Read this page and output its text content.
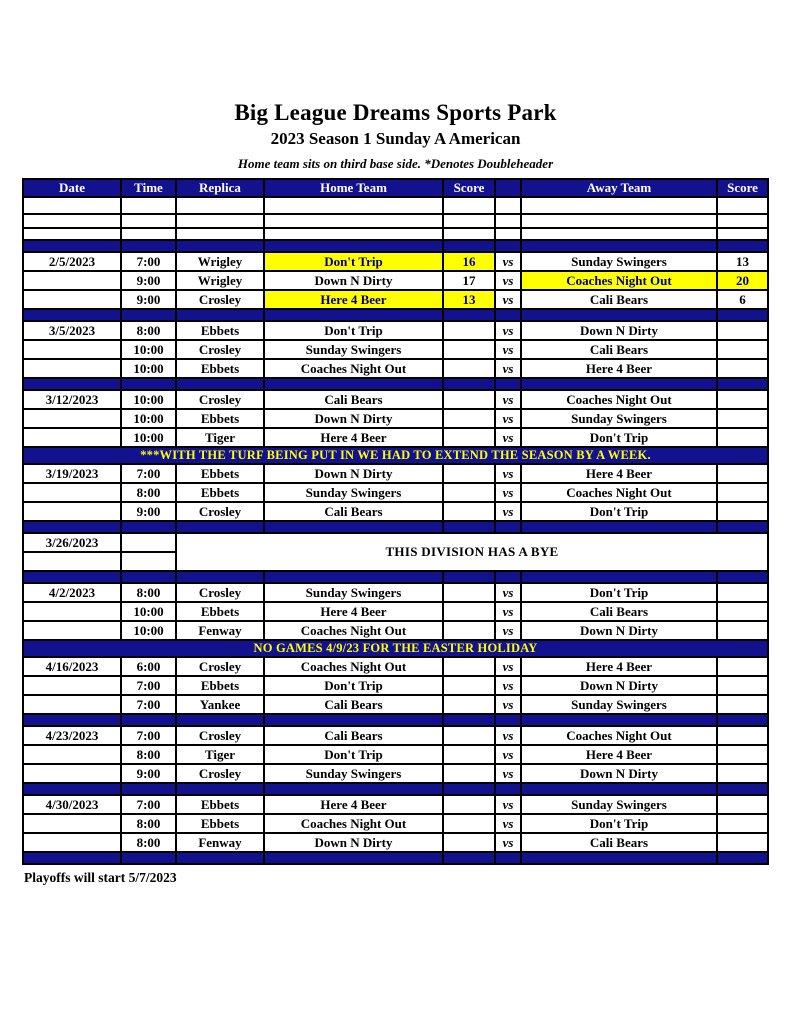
Big League Dreams Sports Park
2023 Season 1 Sunday A American
Home team sits on third base side. *Denotes Doubleheader
Date	Time	Replica	Home Team	Score		Away Team	Score

2/5/2023	7:00	Wrigley	Don't Trip	16	vs	Sunday Swingers	13
	9:00	Wrigley	Down N Dirty	17	vs	Coaches Night Out	20
	9:00	Crosley	Here 4 Beer	13	vs	Cali Bears	6

3/5/2023	8:00	Ebbets	Don't Trip		vs	Down N Dirty	
	10:00	Crosley	Sunday Swingers		vs	Cali Bears	
	10:00	Ebbets	Coaches Night Out		vs	Here 4 Beer	

3/12/2023	10:00	Crosley	Cali Bears		vs	Coaches Night Out	
	10:00	Ebbets	Down N Dirty		vs	Sunday Swingers	
	10:00	Tiger	Here 4 Beer		vs	Don't Trip	
***WITH THE TURF BEING PUT IN WE HAD TO EXTEND THE SEASON BY A WEEK.							
3/19/2023	7:00	Ebbets	Down N Dirty		vs	Here 4 Beer	
	8:00	Ebbets	Sunday Swingers		vs	Coaches Night Out	
	9:00	Crosley	Cali Bears		vs	Don't Trip	

3/26/2023		THIS DIVISION HAS A BYE					

4/2/2023	8:00	Crosley	Sunday Swingers		vs	Don't Trip	
	10:00	Ebbets	Here 4 Beer		vs	Cali Bears	
	10:00	Fenway	Coaches Night Out		vs	Down N Dirty	
NO GAMES 4/9/23 FOR THE EASTER HOLIDAY							
4/16/2023	6:00	Crosley	Coaches Night Out		vs	Here 4 Beer	
	7:00	Ebbets	Don't Trip		vs	Down N Dirty	
	7:00	Yankee	Cali Bears		vs	Sunday Swingers	

4/23/2023	7:00	Crosley	Cali Bears		vs	Coaches Night Out	
	8:00	Tiger	Don't Trip		vs	Here 4 Beer	
	9:00	Crosley	Sunday Swingers		vs	Down N Dirty	

4/30/2023	7:00	Ebbets	Here 4 Beer		vs	Sunday Swingers	
	8:00	Ebbets	Coaches Night Out		vs	Don't Trip	
	8:00	Fenway	Down N Dirty		vs	Cali Bears	

Playoffs will start 5/7/2023
